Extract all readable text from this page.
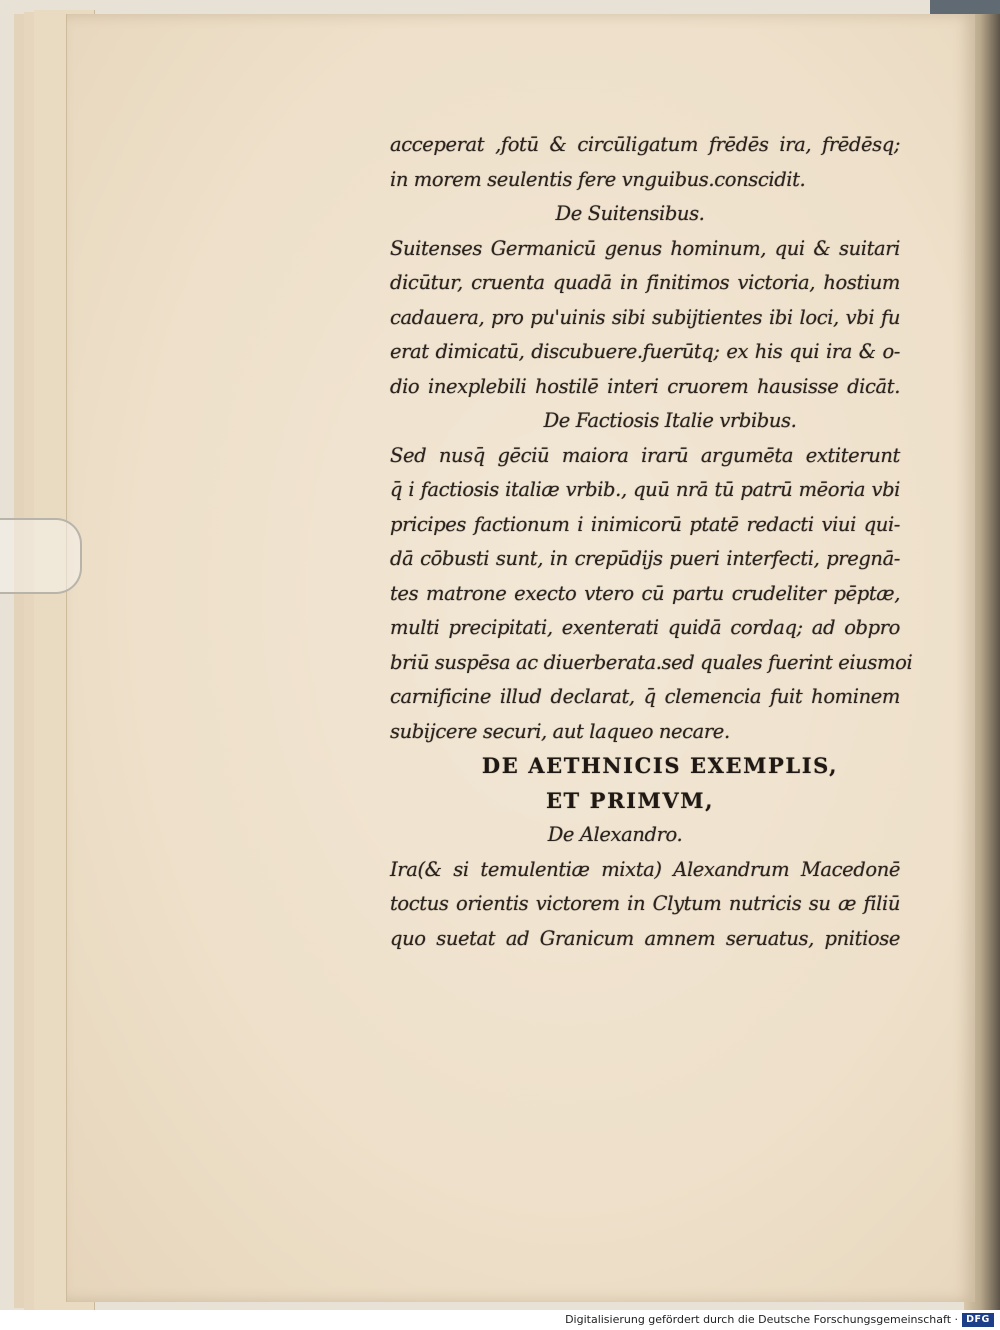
acceperat ,fotū & circūligatum frēdēs ira, frēdēsq;
in morem seulentis fere vnguibus.conscidit.
De Suitensibus.
Suitenses Germanicū genus hominum, qui & suitari
dicūtur, cruenta quadā in finitimos victoria, hostium
cadauera, pro pu'uinis sibi subijtientes ibi loci, vbi fu
erat dimicatū, discubuere.fuerūtq; ex his qui ira & o-
dio inexplebili hostilē interi cruorem hausisse dicāt.
De Factiosis Italie vrbibus.
Sed nusq̄ gēciū maiora irarū argumēta extiterunt
q̄ i factiosis italiæ vrbib., quū nrā tū patrū mēoria vbi
pricipes factionum i inimicorū ptatē redacti viui qui-
dā cōbusti sunt, in crepūdijs pueri interfecti, pregnā-
tes matrone execto vtero cū partu crudeliter pēptæ,
multi precipitati, exenterati quidā cordaq; ad obpro
briū suspēsa ac diuerberata.sed quales fuerint eiusmoi
carnificine illud declarat, q̄ clemencia fuit hominem
subijcere securi, aut laqueo necare.
DE AETHNICIS EXEMPLIS,
ET PRIMVM,
De Alexandro.
Ira(& si temulentiæ mixta) Alexandrum Macedonē
toctus orientis victorem in Clytum nutricis su æ filiū
quo suetat ad Granicum amnem seruatus, pnitiose
Digitalisierung gefördert durch die Deutsche Forschungsgemeinschaft · DFG
